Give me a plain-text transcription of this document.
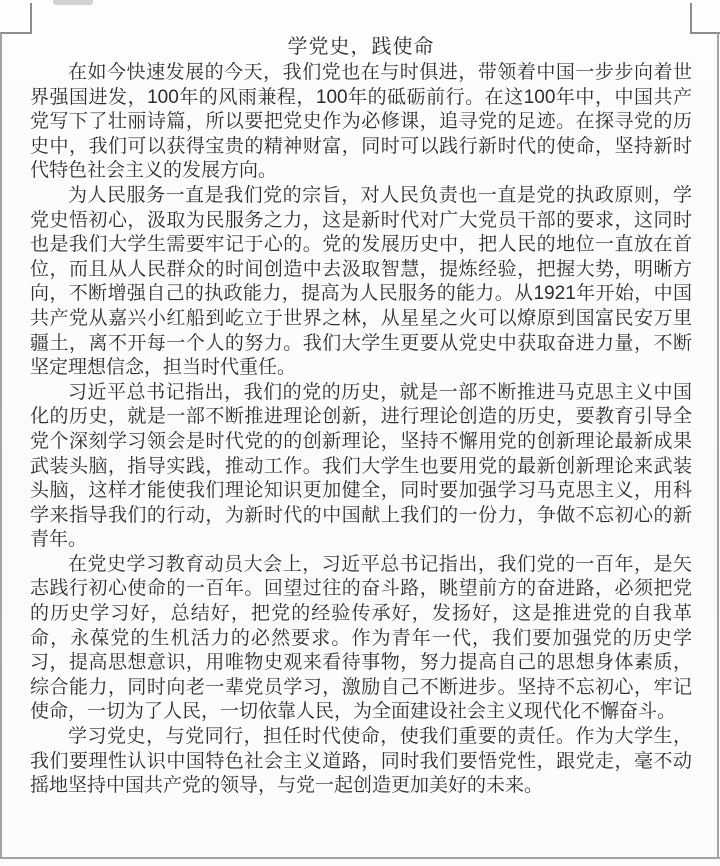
学党史，践使命

在如今快速发展的今天，我们党也在与时俱进，带领着中国一步步向着世界强国进发，100年的风雨兼程，100年的砥砺前行。在这100年中，中国共产党写下了壮丽诗篇，所以要把党史作为必修课，追寻党的足迹。在探寻党的历史中，我们可以获得宝贵的精神财富，同时可以践行新时代的使命，坚持新时代特色社会主义的发展方向。

为人民服务一直是我们党的宗旨，对人民负责也一直是党的执政原则，学党史悟初心，汲取为民服务之力，这是新时代对广大党员干部的要求，这同时也是我们大学生需要牢记于心的。党的发展历史中，把人民的地位一直放在首位，而且从人民群众的时间创造中去汲取智慧，提炼经验，把握大势，明晰方向，不断增强自己的执政能力，提高为人民服务的能力。从1921年开始，中国共产党从嘉兴小红船到屹立于世界之林，从星星之火可以燎原到国富民安万里疆土，离不开每一个人的努力。我们大学生更要从党史中获取奋进力量，不断坚定理想信念，担当时代重任。

习近平总书记指出，我们的党的历史，就是一部不断推进马克思主义中国化的历史，就是一部不断推进理论创新，进行理论创造的历史，要教育引导全党个深刻学习领会是时代党的的创新理论，坚持不懈用党的创新理论最新成果武装头脑，指导实践，推动工作。我们大学生也要用党的最新创新理论来武装头脑，这样才能使我们理论知识更加健全，同时要加强学习马克思主义，用科学来指导我们的行动，为新时代的中国献上我们的一份力，争做不忘初心的新青年。

在党史学习教育动员大会上，习近平总书记指出，我们党的一百年，是矢志践行初心使命的一百年。回望过往的奋斗路，眺望前方的奋进路，必须把党的历史学习好，总结好，把党的经验传承好，发扬好，这是推进党的自我革命，永葆党的生机活力的必然要求。作为青年一代，我们要加强党的历史学习，提高思想意识，用唯物史观来看待事物，努力提高自己的思想身体素质，综合能力，同时向老一辈党员学习，激励自己不断进步。坚持不忘初心，牢记使命，一切为了人民，一切依靠人民，为全面建设社会主义现代化不懈奋斗。

学习党史，与党同行，担任时代使命，使我们重要的责任。作为大学生，我们要理性认识中国特色社会主义道路，同时我们要悟党性，跟党走，毫不动摇地坚持中国共产党的领导，与党一起创造更加美好的未来。
